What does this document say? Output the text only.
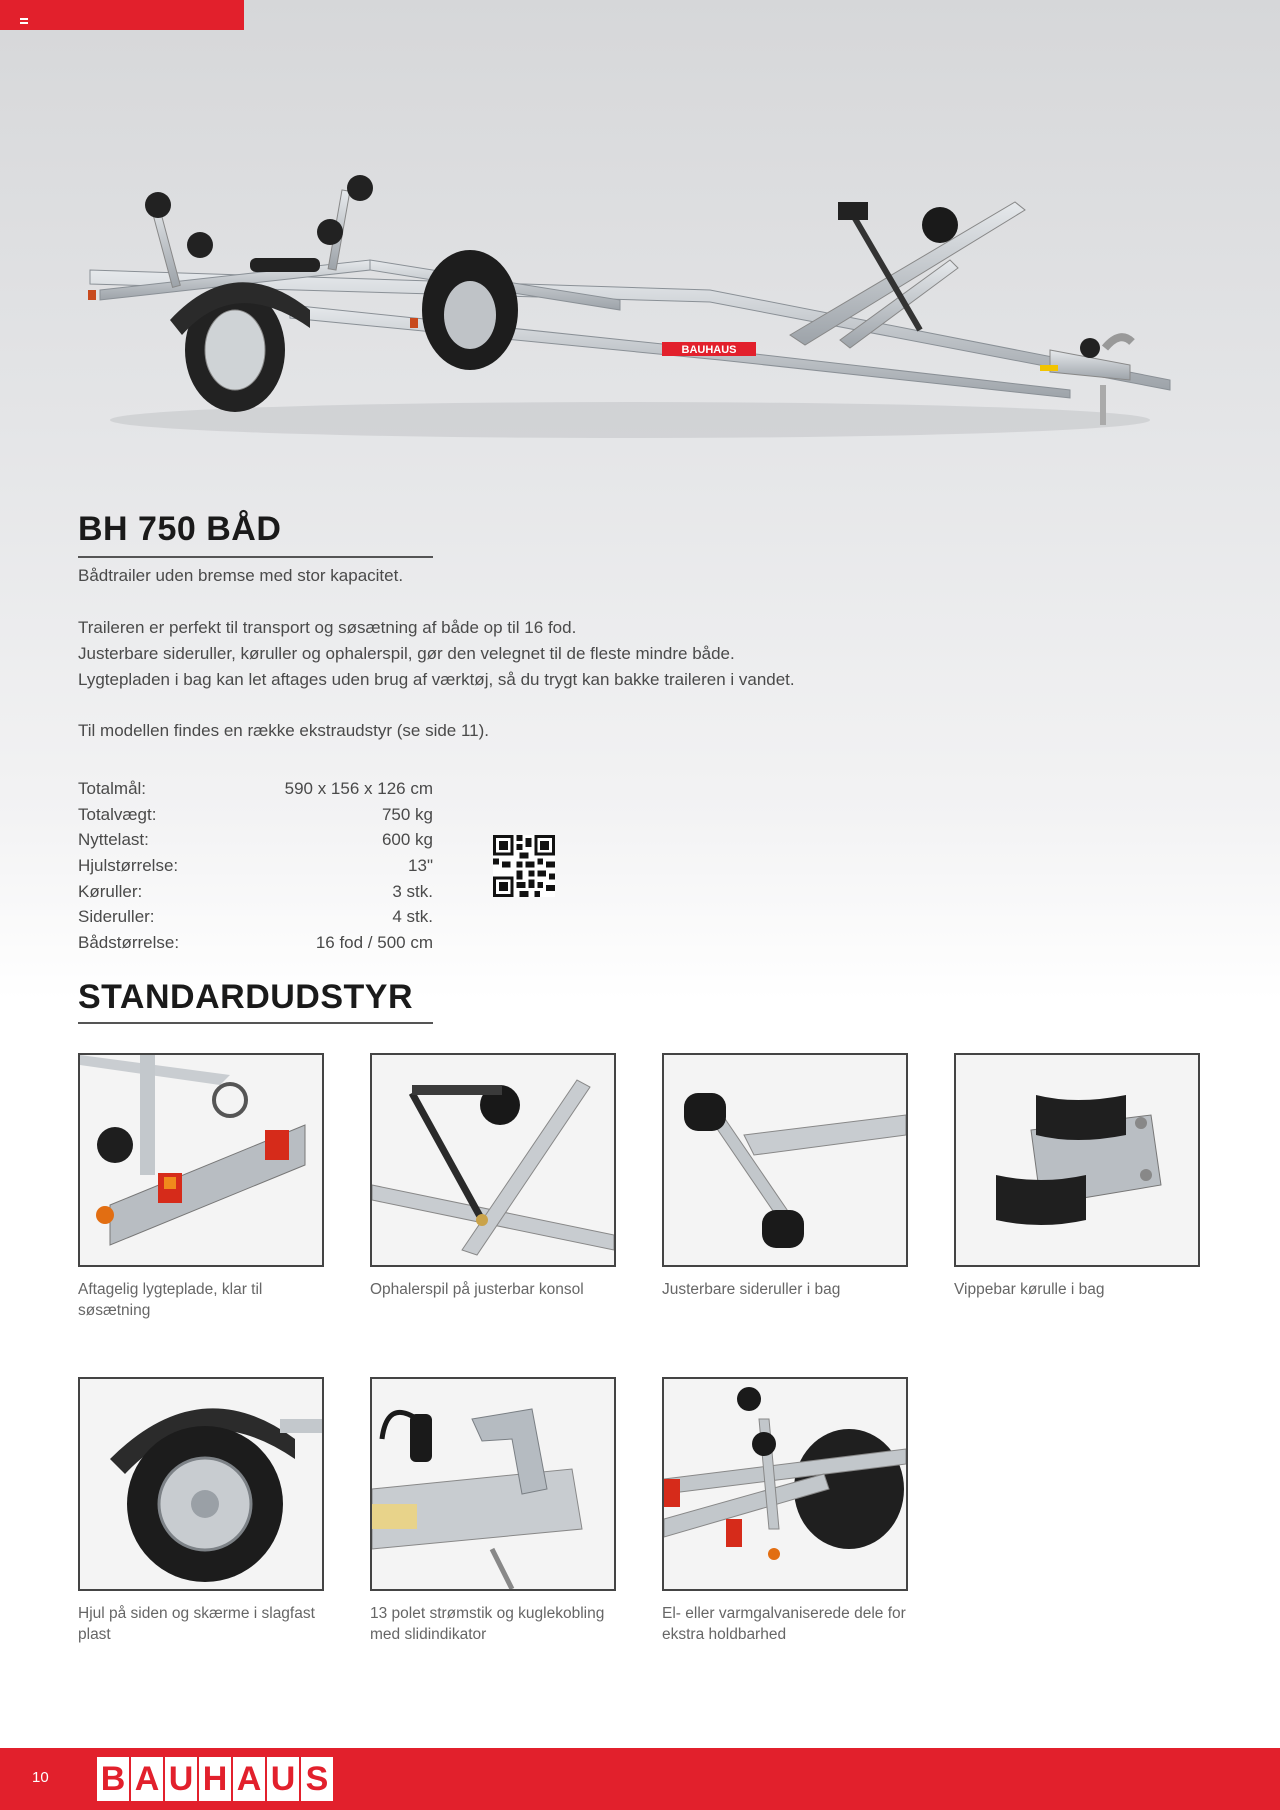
BAUHAUS
BH 750 BÅD

Bådtrailer uden bremse med stor kapacitet.

Traileren er perfekt til transport og søsætning af både op til 16 fod.

Justerbare sideruller, køruller og ophalerspil, gør den velegnet til de fleste mindre både.

Lygtepladen i bag kan let aftages uden brug af værktøj, så du trygt kan bakke traileren i vandet.

Til modellen findes en række ekstraudstyr (se side 11).

Totalmål:	590 x 156 x 126 cm
Totalvægt:	750 kg
Nyttelast:	600 kg
Hjulstørrelse:	13"
Køruller:	3 stk.
Sideruller:	4 stk.
Bådstørrelse:	16 fod / 500 cm
STANDARDUDSTYR

Aftagelig lygteplade, klar til søsætning

Ophalerspil på justerbar konsol	Justerbare sideruller i bag	Vippebar kørulle i bag

Hjul på siden og skærme i slagfast plast

13 polet strømstik og kuglekobling med slidindikator

El- eller varmgalvaniserede dele for ekstra holdbarhed

10 B A U H A U S
